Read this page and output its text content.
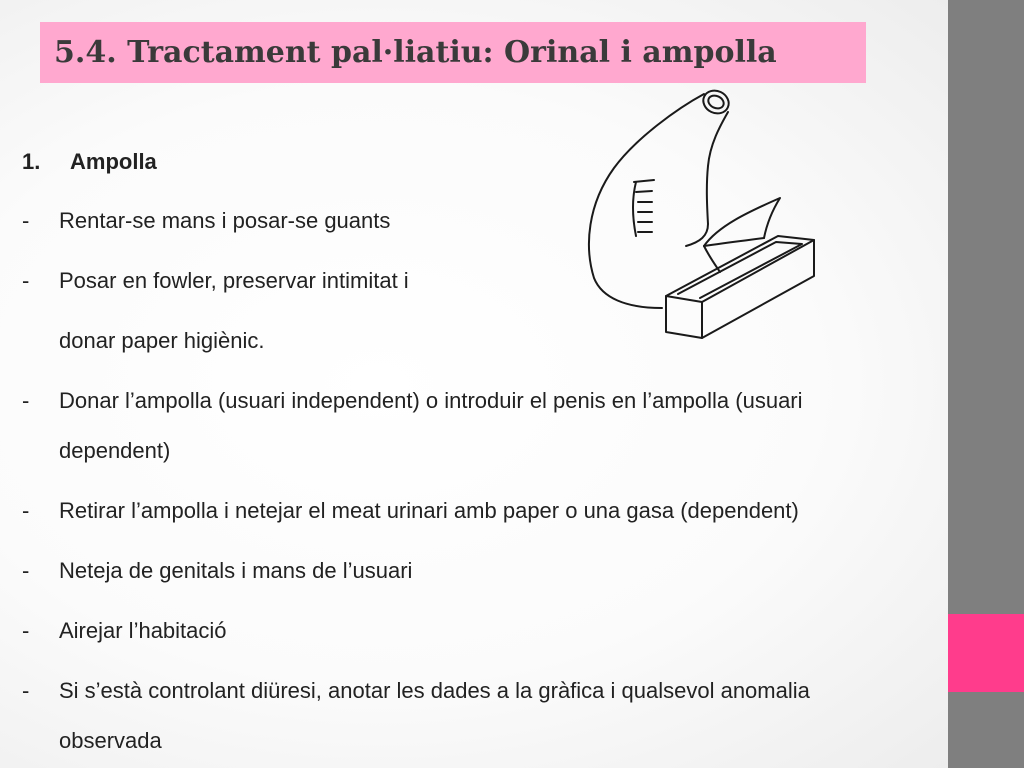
5.4. Tractament pal·liatiu: Orinal i ampolla
1. Ampolla
- Rentar-se mans i posar-se guants
- Posar en fowler, preservar intimitat i
donar paper higiènic.
- Donar l’ampolla (usuari independent) o introduir el penis en l’ampolla (usuari
dependent)
- Retirar l’ampolla i netejar el meat urinari amb paper o una gasa (dependent)
- Neteja de genitals i mans de l’usuari
- Airejar l’habitació
- Si s’està controlant diüresi, anotar les dades a la gràfica i qualsevol anomalia
observada
